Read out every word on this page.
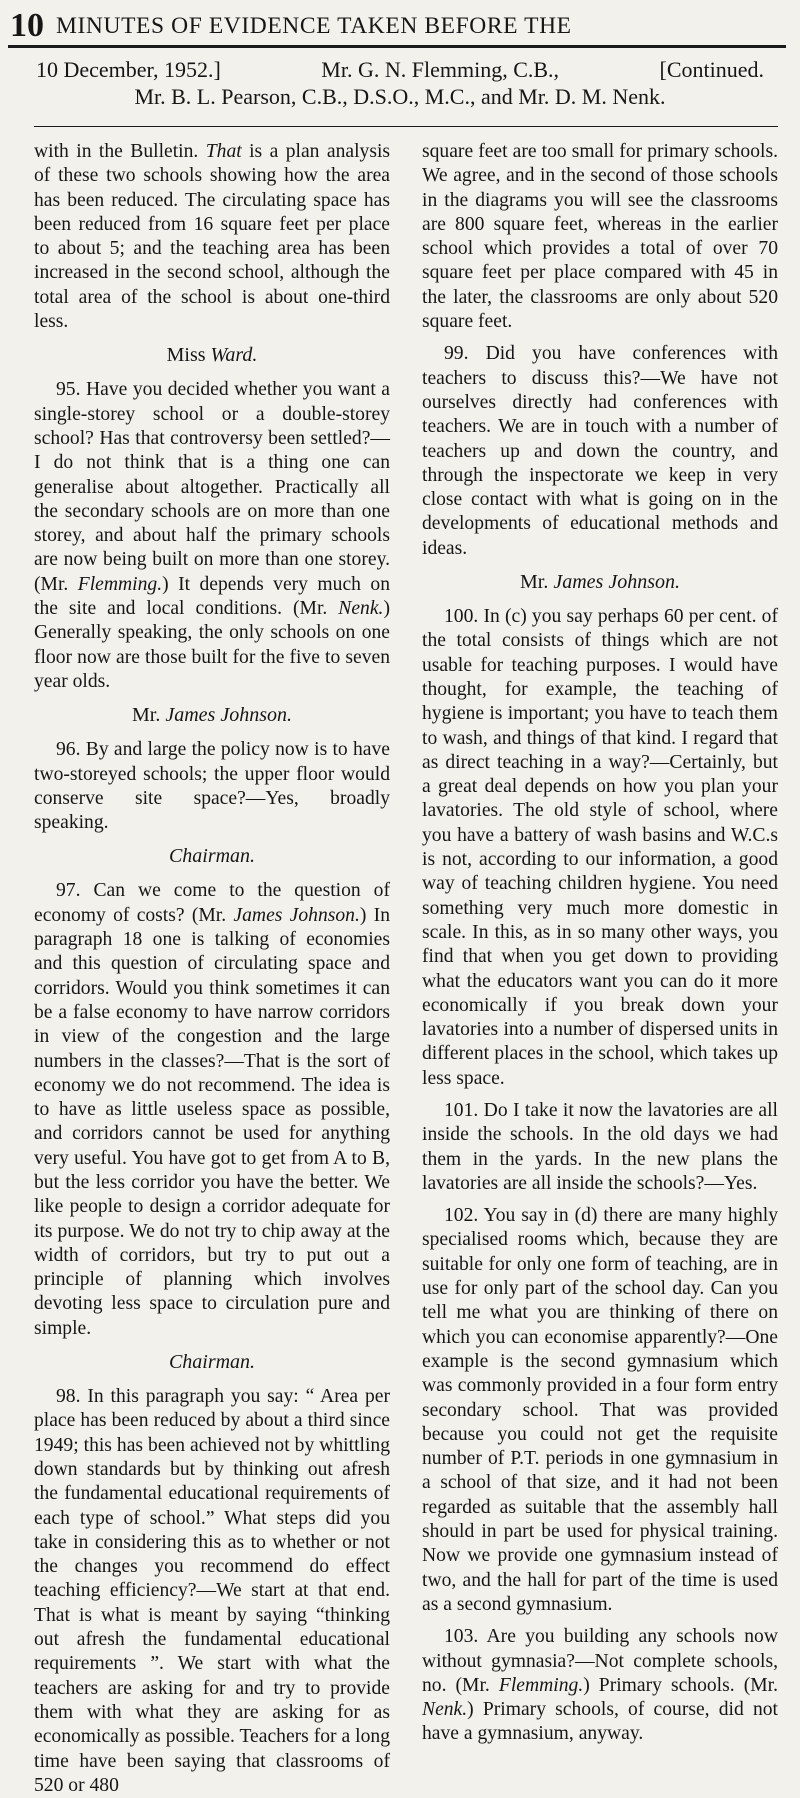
10 MINUTES OF EVIDENCE TAKEN BEFORE THE
10 December, 1952.]	Mr. G. N. Flemming, C.B.,	[Continued.
Mr. B. L. Pearson, C.B., D.S.O., M.C., and Mr. D. M. Nenk.

with in the Bulletin. That is a plan analysis of these two schools showing how the area has been reduced. The circulating space has been reduced from 16 square feet per place to about 5; and the teaching area has been increased in the second school, although the total area of the school is about one-third less.

Miss Ward.

95. Have you decided whether you want a single-storey school or a double-storey school? Has that controversy been settled?—I do not think that is a thing one can generalise about altogether. Practically all the secondary schools are on more than one storey, and about half the primary schools are now being built on more than one storey. (Mr. Flemming.) It depends very much on the site and local conditions. (Mr. Nenk.) Generally speaking, the only schools on one floor now are those built for the five to seven year olds.

Mr. James Johnson.

96. By and large the policy now is to have two-storeyed schools; the upper floor would conserve site space?—Yes, broadly speaking.

Chairman.

97. Can we come to the question of economy of costs? (Mr. James Johnson.) In paragraph 18 one is talking of economies and this question of circulating space and corridors. Would you think sometimes it can be a false economy to have narrow corridors in view of the congestion and the large numbers in the classes?—That is the sort of economy we do not recommend. The idea is to have as little useless space as possible, and corridors cannot be used for anything very useful. You have got to get from A to B, but the less corridor you have the better. We like people to design a corridor adequate for its purpose. We do not try to chip away at the width of corridors, but try to put out a principle of planning which involves devoting less space to circulation pure and simple.

Chairman.

98. In this paragraph you say: “ Area per place has been reduced by about a third since 1949; this has been achieved not by whittling down standards but by thinking out afresh the fundamental educational requirements of each type of school.” What steps did you take in considering this as to whether or not the changes you recommend do effect teaching efficiency?—We start at that end. That is what is meant by saying “thinking out afresh the fundamental educational requirements ”. We start with what the teachers are asking for and try to provide them with what they are asking for as economically as possible. Teachers for a long time have been saying that classrooms of 520 or 480

square feet are too small for primary schools. We agree, and in the second of those schools in the diagrams you will see the classrooms are 800 square feet, whereas in the earlier school which provides a total of over 70 square feet per place compared with 45 in the later, the classrooms are only about 520 square feet.

99. Did you have conferences with teachers to discuss this?—We have not ourselves directly had conferences with teachers. We are in touch with a number of teachers up and down the country, and through the inspectorate we keep in very close contact with what is going on in the developments of educational methods and ideas.

Mr. James Johnson.

100. In (c) you say perhaps 60 per cent. of the total consists of things which are not usable for teaching purposes. I would have thought, for example, the teaching of hygiene is important; you have to teach them to wash, and things of that kind. I regard that as direct teaching in a way?—Certainly, but a great deal depends on how you plan your lavatories. The old style of school, where you have a battery of wash basins and W.C.s is not, according to our information, a good way of teaching children hygiene. You need something very much more domestic in scale. In this, as in so many other ways, you find that when you get down to providing what the educators want you can do it more economically if you break down your lavatories into a number of dispersed units in different places in the school, which takes up less space.

101. Do I take it now the lavatories are all inside the schools. In the old days we had them in the yards. In the new plans the lavatories are all inside the schools?—Yes.

102. You say in (d) there are many highly specialised rooms which, because they are suitable for only one form of teaching, are in use for only part of the school day. Can you tell me what you are thinking of there on which you can economise apparently?—One example is the second gymnasium which was commonly provided in a four form entry secondary school. That was provided because you could not get the requisite number of P.T. periods in one gymnasium in a school of that size, and it had not been regarded as suitable that the assembly hall should in part be used for physical training. Now we provide one gymnasium instead of two, and the hall for part of the time is used as a second gymnasium.

103. Are you building any schools now without gymnasia?—Not complete schools, no. (Mr. Flemming.) Primary schools. (Mr. Nenk.) Primary schools, of course, did not have a gymnasium, anyway.
